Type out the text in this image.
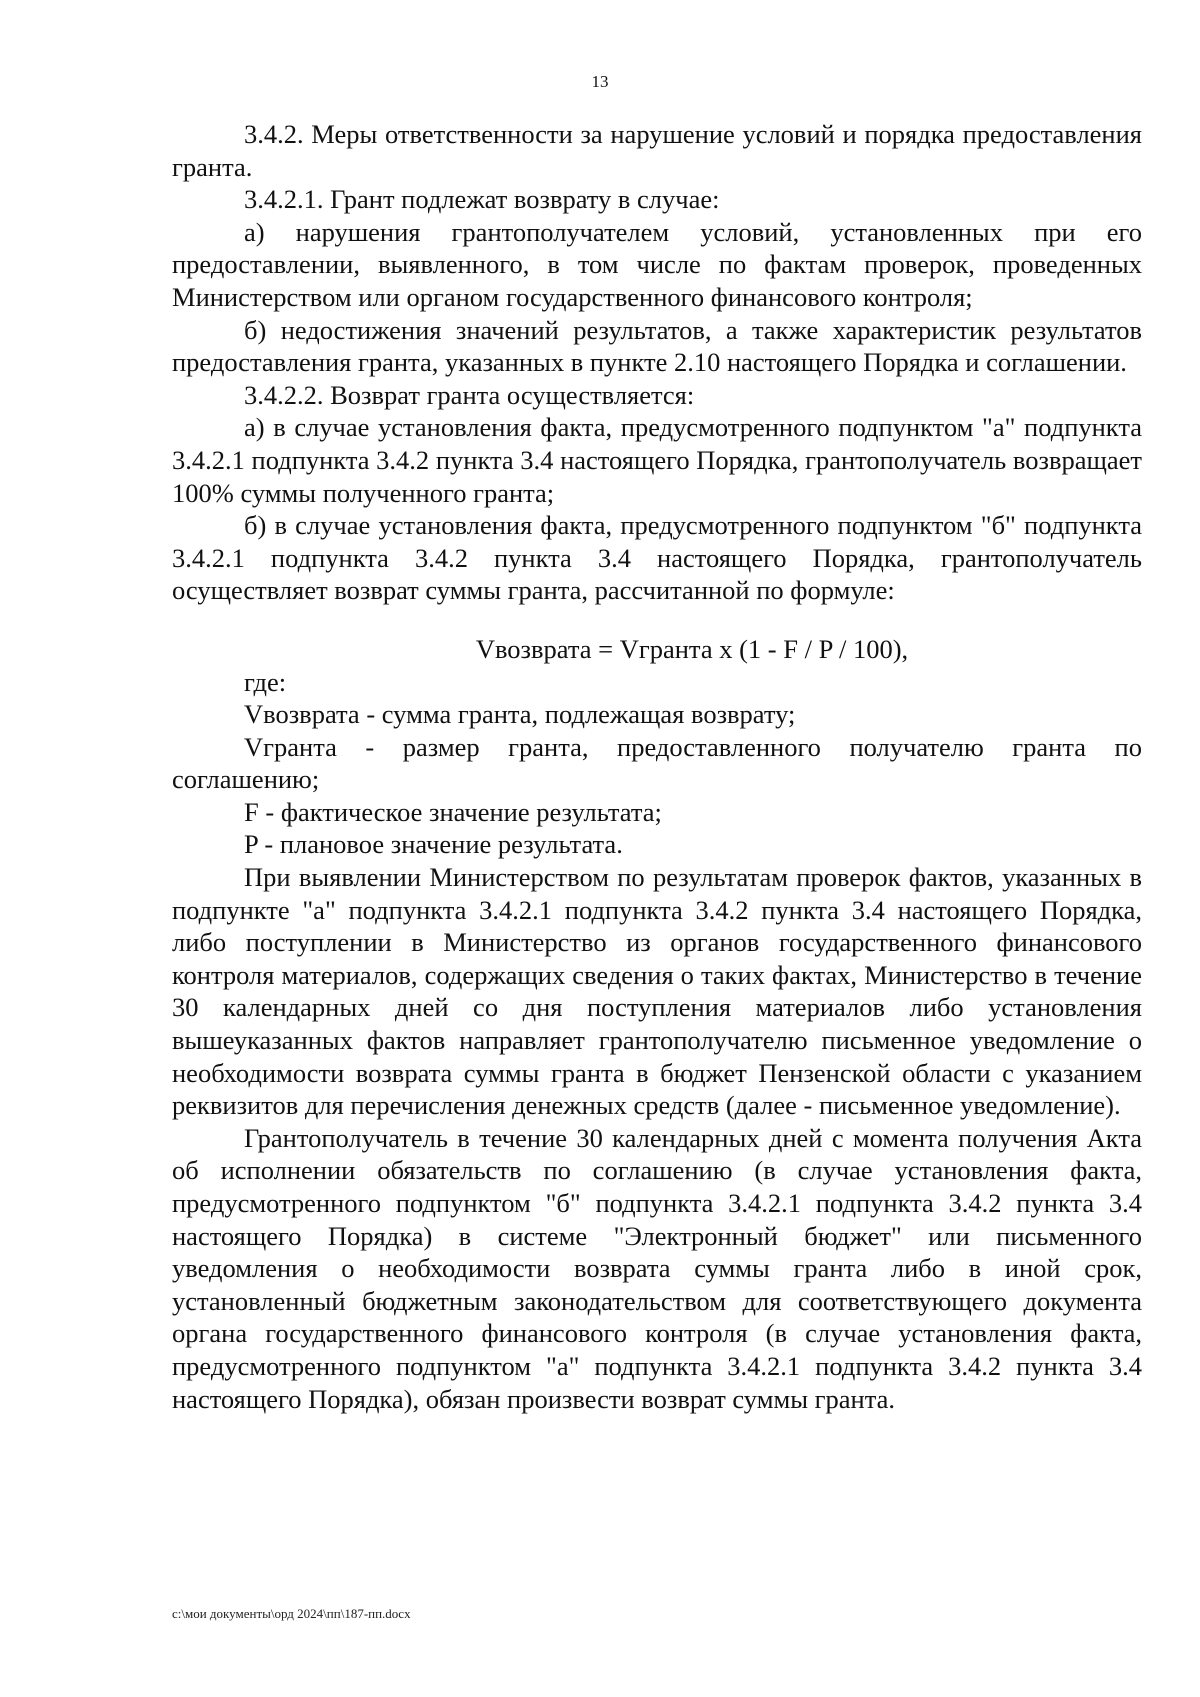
13

3.4.2. Меры ответственности за нарушение условий и порядка предоставления гранта.

3.4.2.1. Грант подлежат возврату в случае:

а) нарушения грантополучателем условий, установленных при его предоставлении, выявленного, в том числе по фактам проверок, проведенных Министерством или органом государственного финансового контроля;

б) недостижения значений результатов, а также характеристик результатов предоставления гранта, указанных в пункте 2.10 настоящего Порядка и соглашении.

3.4.2.2. Возврат гранта осуществляется:

а) в случае установления факта, предусмотренного подпунктом "а" подпункта 3.4.2.1 подпункта 3.4.2 пункта 3.4 настоящего Порядка, грантополучатель возвращает 100% суммы полученного гранта;

б) в случае установления факта, предусмотренного подпунктом "б" подпункта 3.4.2.1 подпункта 3.4.2 пункта 3.4 настоящего Порядка, грантополучатель осуществляет возврат суммы гранта, рассчитанной по формуле:

Vвозврата = Vгранта x (1 - F / P / 100),

где:

Vвозврата - сумма гранта, подлежащая возврату;

Vгранта - размер гранта, предоставленного получателю гранта по соглашению;

F - фактическое значение результата;

P - плановое значение результата.

При выявлении Министерством по результатам проверок фактов, указанных в подпункте "а" подпункта 3.4.2.1 подпункта 3.4.2 пункта 3.4 настоящего Порядка, либо поступлении в Министерство из органов государственного финансового контроля материалов, содержащих сведения о таких фактах, Министерство в течение 30 календарных дней со дня поступления материалов либо установления вышеуказанных фактов направляет грантополучателю письменное уведомление о необходимости возврата суммы гранта в бюджет Пензенской области с указанием реквизитов для перечисления денежных средств (далее - письменное уведомление).

Грантополучатель в течение 30 календарных дней с момента получения Акта об исполнении обязательств по соглашению (в случае установления факта, предусмотренного подпунктом "б" подпункта 3.4.2.1 подпункта 3.4.2 пункта 3.4 настоящего Порядка) в системе "Электронный бюджет" или письменного уведомления о необходимости возврата суммы гранта либо в иной срок, установленный бюджетным законодательством для соответствующего документа органа государственного финансового контроля (в случае установления факта, предусмотренного подпунктом "а" подпункта 3.4.2.1 подпункта 3.4.2 пункта 3.4 настоящего Порядка), обязан произвести возврат суммы гранта.

c:\мои документы\орд 2024\пп\187-пп.docx
